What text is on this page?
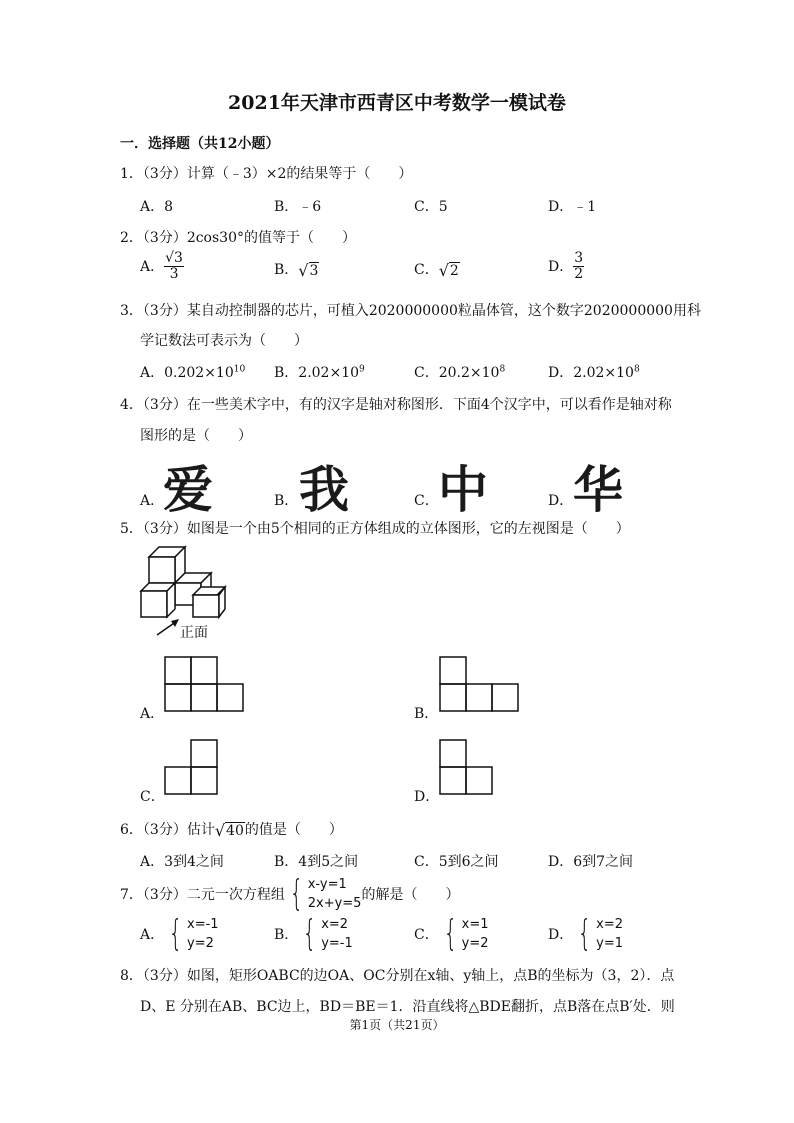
2021年天津市西青区中考数学一模试卷
一．选择题（共12小题）
1．（3分）计算（﹣3）×2的结果等于（　　）
A．8	B．﹣6	C．5	D．﹣1
2．（3分）2cos30°的值等于（　　）
A． $\frac{√3}{3}$	B． √ 3	C． √ 2	D． $\frac{3}{2}$
3．（3分）某自动控制器的芯片，可植入2020000000粒晶体管，这个数字2020000000用科
学记数法可表示为（　　）
A．$0.202\times 10^{10}$ B．$2.02\times 10^9$	C．$20.2\times 10^8$	D．$2.02\times 10^8$
4．（3分）在一些美术字中，有的汉字是轴对称图形．下面4个汉字中，可以看作是轴对称
图形的是（　　）
A．
爱	B． 我	C． 中	D． 华
5．（3分）如图是一个由5个相同的正方体组成的立体图形，它的左视图是（　　）
正面
A．	B．
C．	D．
6．（3分）估计 √ 40 的值是（　　）
A．3到4之间	B．4到5之间	C．5到6之间	D．6到7之间
7．（3分）二元一次方程组 { x-y=1
2x+y=5
的解是（　　）
A． { x=-1
y=2
B． { x=2
y=-1
C． { x=1
y=2
D． { x=2
y=1
8．（3分）如图，矩形OABC的边OA、OC分别在x轴、y轴上，点B的坐标为（3，2）．点
D、E 分别在AB、BC边上，BD＝BE＝1．沿直线将△BDE翻折，点B落在点B′处．则
第1页（共21页）
